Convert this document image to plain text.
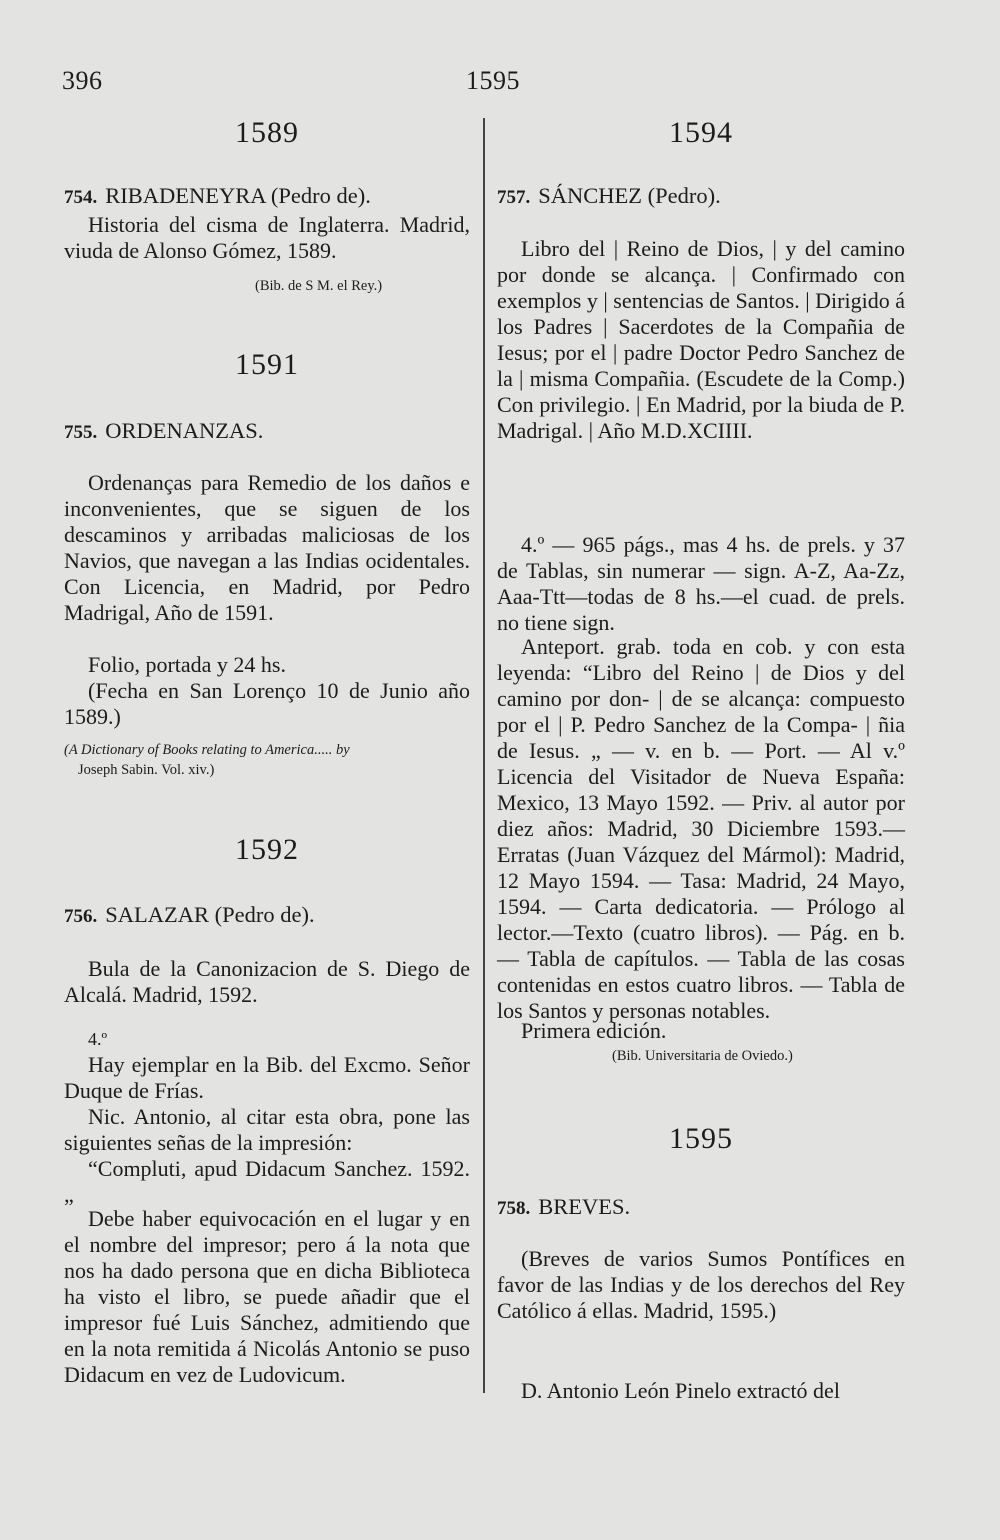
396	1595
1589
754. RIBADENEYRA (Pedro de).
Historia del cisma de Inglaterra. Madrid, viuda de Alonso Gómez, 1589.
(Bib. de S M. el Rey.)
1591
755. ORDENANZAS.
Ordenanças para Remedio de los daños e inconvenientes, que se siguen de los descaminos y arribadas maliciosas de los Navios, que navegan a las Indias ocidentales. Con Licencia, en Madrid, por Pedro Madrigal, Año de 1591.
Folio, portada y 24 hs.
(Fecha en San Lorenço 10 de Junio año 1589.)
(A Dictionary of Books relating to America..... by
Joseph Sabin. Vol. xiv.)
1592
756. SALAZAR (Pedro de).
Bula de la Canonizacion de S. Diego de Alcalá. Madrid, 1592.
4.º
Hay ejemplar en la Bib. del Excmo. Señor Duque de Frías.
Nic. Antonio, al citar esta obra, pone las siguientes señas de la impresión:
“Compluti, apud Didacum Sanchez. 1592. „
Debe haber equivocación en el lugar y en el nombre del impresor; pero á la nota que nos ha dado persona que en dicha Biblioteca ha visto el libro, se puede añadir que el impresor fué Luis Sánchez, admitiendo que en la nota remitida á Nicolás Antonio se puso Didacum en vez de Ludovicum.
1594
757. SÁNCHEZ (Pedro).
Libro del | Reino de Dios, | y del camino por donde se alcança. | Confirmado con exemplos y | sentencias de Santos. | Dirigido á los Padres | Sacerdotes de la Compañia de Iesus; por el | padre Doctor Pedro Sanchez de la | misma Compañia. (Escudete de la Comp.) Con privilegio. | En Madrid, por la biuda de P. Madrigal. | Año M.D.XCIIII.
4.º — 965 págs., mas 4 hs. de prels. y 37 de Tablas, sin numerar — sign. A-Z, Aa-Zz, Aaa-Ttt—todas de 8 hs.—el cuad. de prels. no tiene sign.
Anteport. grab. toda en cob. y con esta leyenda: “Libro del Reino | de Dios y del camino por don- | de se alcança: compuesto por el | P. Pedro Sanchez de la Compa- | ñia de Iesus. „ — v. en b. — Port. — Al v.º Licencia del Visitador de Nueva España: Mexico, 13 Mayo 1592. — Priv. al autor por diez años: Madrid, 30 Diciembre 1593.—Erratas (Juan Vázquez del Mármol): Madrid, 12 Mayo 1594. — Tasa: Madrid, 24 Mayo, 1594. — Carta dedicatoria. — Prólogo al lector.—Texto (cuatro libros). — Pág. en b. — Tabla de capítulos. — Tabla de las cosas contenidas en estos cuatro libros. — Tabla de los Santos y personas notables.
Primera edición.
(Bib. Universitaria de Oviedo.)
1595
758. BREVES.
(Breves de varios Sumos Pontífices en favor de las Indias y de los derechos del Rey Católico á ellas. Madrid, 1595.)
D. Antonio León Pinelo extractó del
